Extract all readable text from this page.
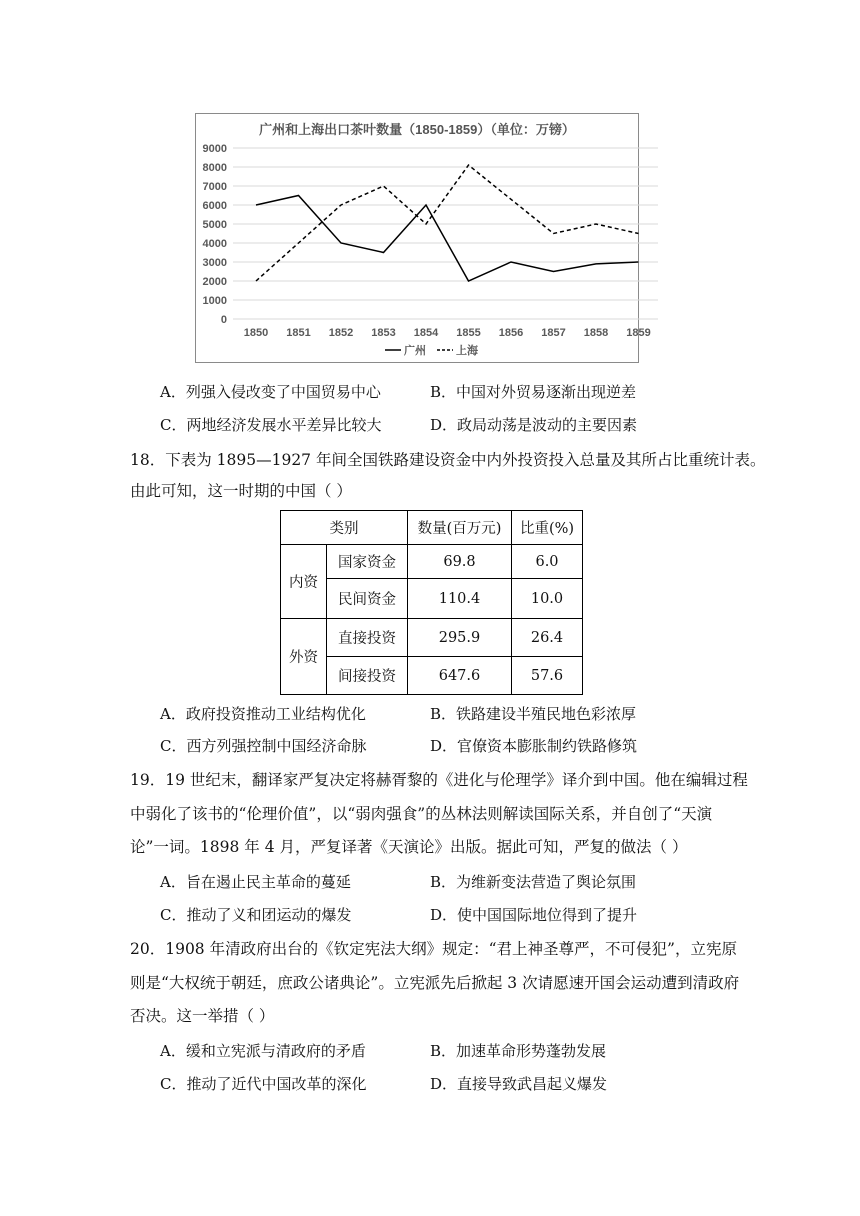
广州和上海出口茶叶数量（1850-1859）（单位：万镑）
0
1000
2000
3000
4000
5000
6000
7000
8000
9000
1850 1851 1852 1853 1854 1855 1856 1857 1858 1859
广州	上海
A．列强入侵改变了中国贸易中心	B．中国对外贸易逐渐出现逆差
C．两地经济发展水平差异比较大	D．政局动荡是波动的主要因素
18．下表为 1895—1927 年间全国铁路建设资金中内外投资投入总量及其所占比重统计表。
由此可知，这一时期的中国（ ）
类别		数量(百万元)	比重(%)
内资	国家资金	69.8	6.0
	民间资金	110.4	10.0
外资	直接投资	295.9	26.4
	间接投资	647.6	57.6
A．政府投资推动工业结构优化	B．铁路建设半殖民地色彩浓厚
C．西方列强控制中国经济命脉	D．官僚资本膨胀制约铁路修筑
19．19 世纪末，翻译家严复决定将赫胥黎的《进化与伦理学》译介到中国。他在编辑过程
中弱化了该书的“伦理价值”，以“弱肉强食”的丛林法则解读国际关系，并自创了“天演
论”一词。1898 年 4 月，严复译著《天演论》出版。据此可知，严复的做法（ ）
A．旨在遏止民主革命的蔓延	B．为维新变法营造了舆论氛围
C．推动了义和团运动的爆发	D．使中国国际地位得到了提升
20．1908 年清政府出台的《钦定宪法大纲》规定：“君上神圣尊严，不可侵犯”，立宪原
则是“大权统于朝廷，庶政公诸典论”。立宪派先后掀起 3 次请愿速开国会运动遭到清政府
否决。这一举措（ ）
A．缓和立宪派与清政府的矛盾	B．加速革命形势蓬勃发展
C．推动了近代中国改革的深化	D．直接导致武昌起义爆发
